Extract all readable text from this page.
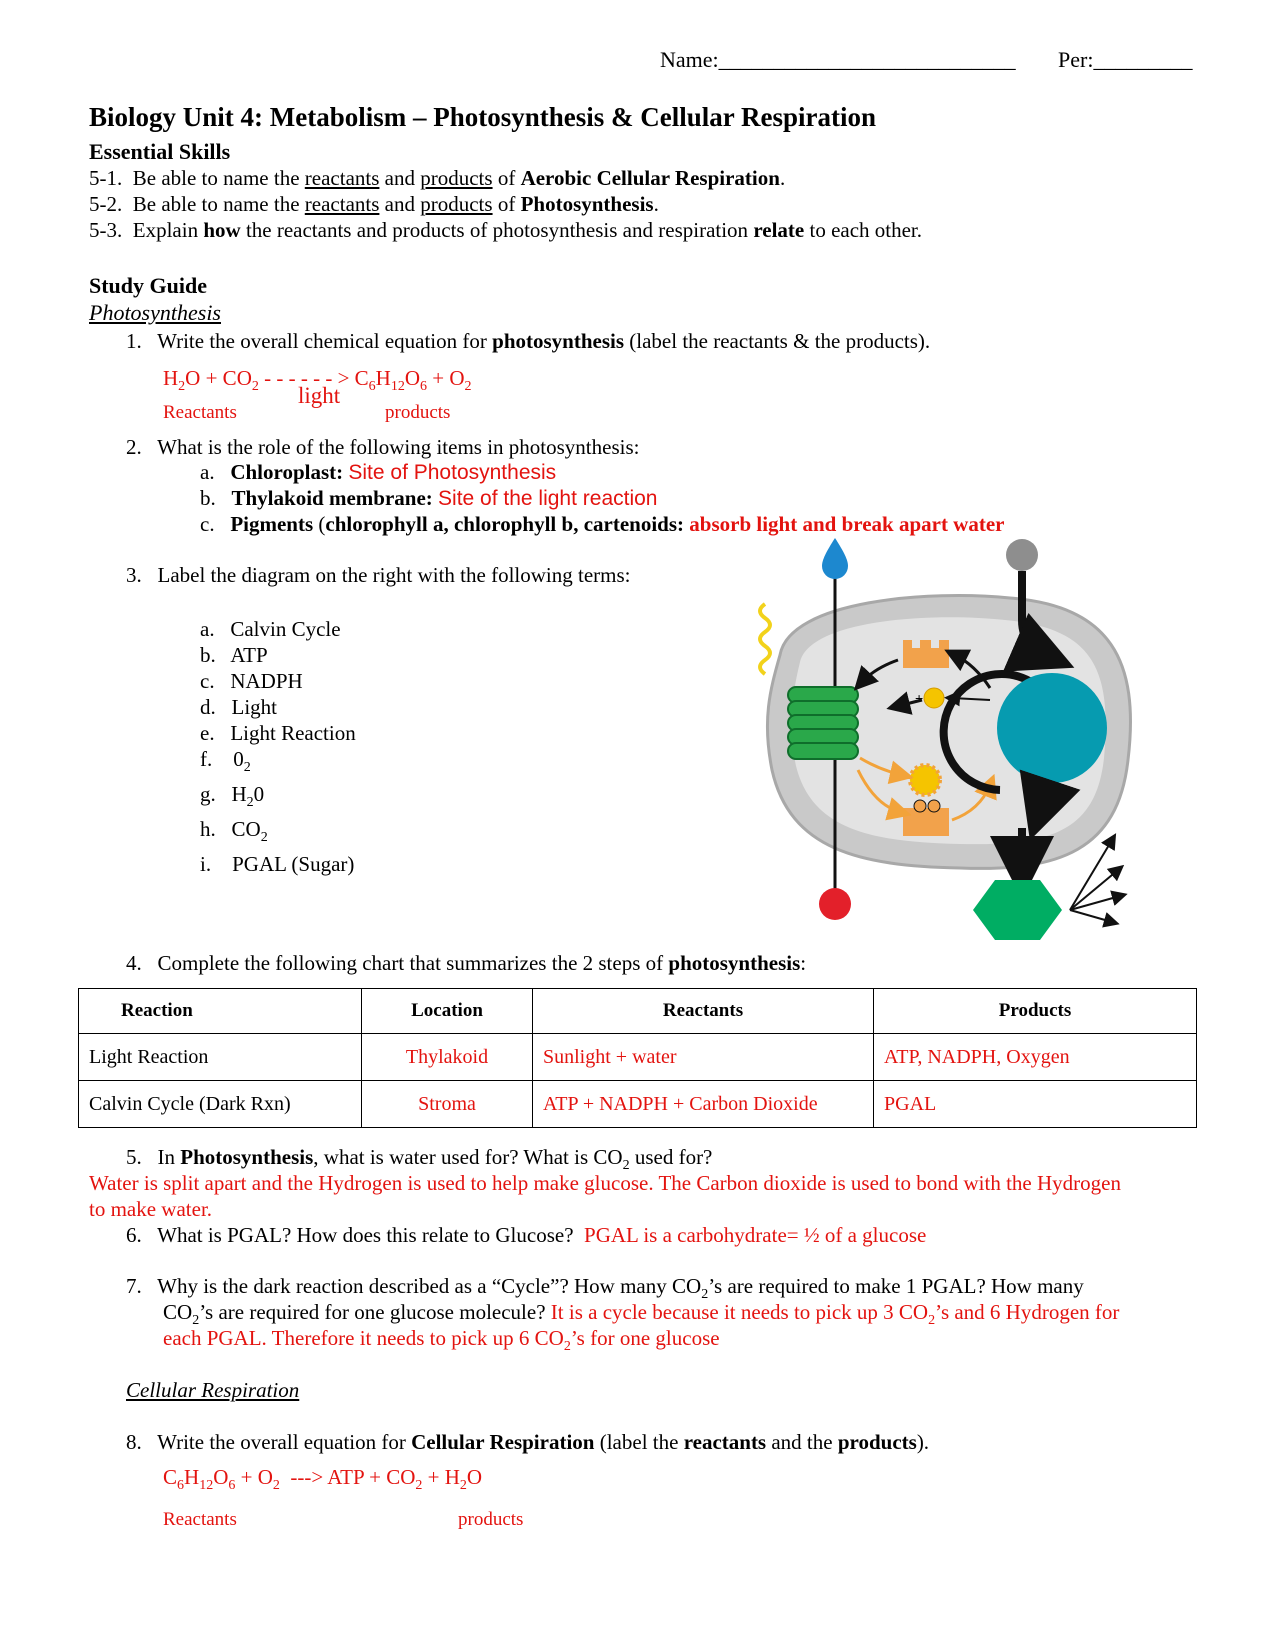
Name:___________________________ Per:_________
Biology Unit 4: Metabolism – Photosynthesis & Cellular Respiration
Essential Skills
5-1. Be able to name the reactants and products of Aerobic Cellular Respiration.
5-2. Be able to name the reactants and products of Photosynthesis.
5-3. Explain how the reactants and products of photosynthesis and respiration relate to each other.
Study Guide
Photosynthesis
1. Write the overall chemical equation for photosynthesis (label the reactants & the products).
$H_2O + CO_2$ - - - - - - > $C_6H_{12}O_6 + O_2$
light
Reactants	products
2. What is the role of the following items in photosynthesis:
a. Chloroplast: Site of Photosynthesis
b. Thylakoid membrane: Site of the light reaction
c. Pigments (chlorophyll a, chlorophyll b, cartenoids: absorb light and break apart water
3. Label the diagram on the right with the following terms:
a. Calvin Cycle
b. ATP
c. NADPH
d. Light
e. Light Reaction
f. $0_2$
g. $H_20$
h. $CO_2$
i. PGAL (Sugar)
+
4. Complete the following chart that summarizes the 2 steps of photosynthesis:
Reaction	Location	Reactants	Products
Light Reaction	Thylakoid	Sunlight + water	ATP, NADPH, Oxygen
Calvin Cycle (Dark Rxn)	Stroma	ATP + NADPH + Carbon Dioxide	PGAL
5. In Photosynthesis, what is water used for? What is $CO_2$ used for?
Water is split apart and the Hydrogen is used to help make glucose. The Carbon dioxide is used to bond with the Hydrogen
to make water.
6. What is PGAL? How does this relate to Glucose? PGAL is a carbohydrate= ½ of a glucose
7. Why is the dark reaction described as a “Cycle”? How many $CO_2’s$ are required to make 1 PGAL? How many
$CO_2’s$ are required for one glucose molecule? It is a cycle because it needs to pick up 3 $CO_2’s$ and 6 Hydrogen for
each PGAL. Therefore it needs to pick up 6 $CO_2’s$ for one glucose
Cellular Respiration
8. Write the overall equation for Cellular Respiration (label the reactants and the products).
$C_6H_{12}O_6 + O_2$  ---> ATP + $CO_2 + H_2O$
Reactants	products
